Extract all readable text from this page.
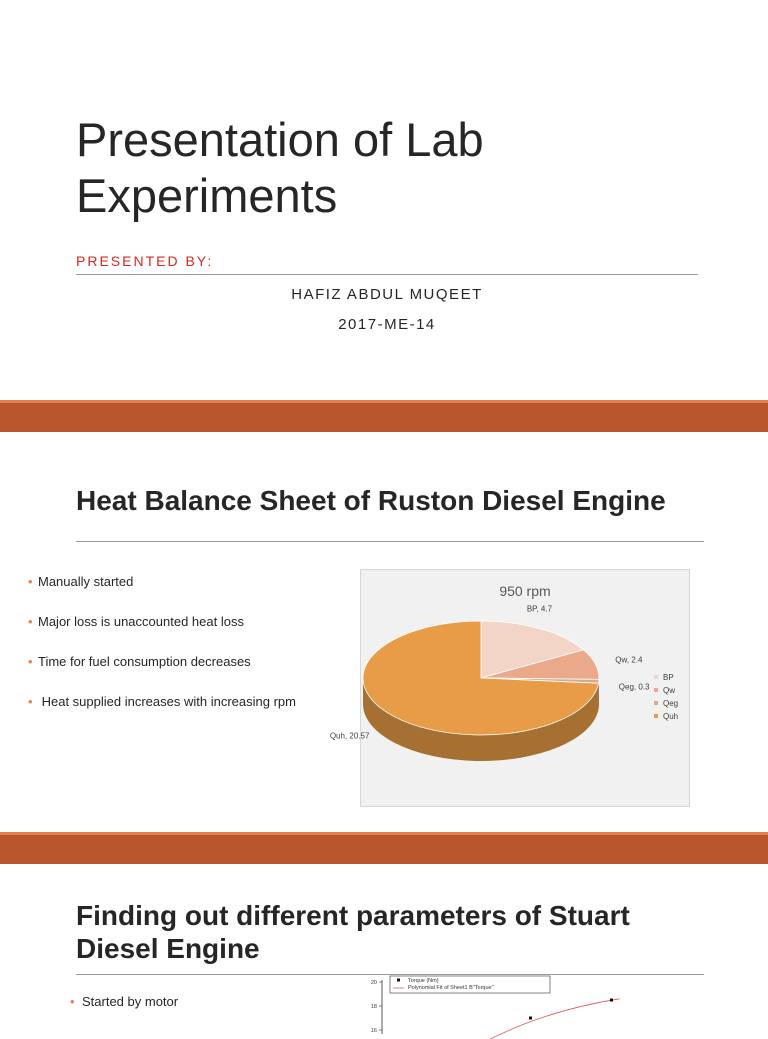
Presentation of Lab Experiments
PRESENTED BY:
HAFIZ ABDUL MUQEET
2017-ME-14
Heat Balance Sheet of Ruston Diesel Engine
• Manually started
• Major loss is unaccounted heat loss
• Time for fuel consumption decreases
• Heat supplied increases with increasing rpm
950 rpm
BP, 4.7
Qw, 2.4
Qeg, 0.3
Quh, 20.57
BP
Qw
Qeg
Quh
Finding out different parameters of Stuart Diesel Engine
• Started by motor
20
18
16
Torque (Nm)
Polynomial Fit of Sheet1 B"Torque"
